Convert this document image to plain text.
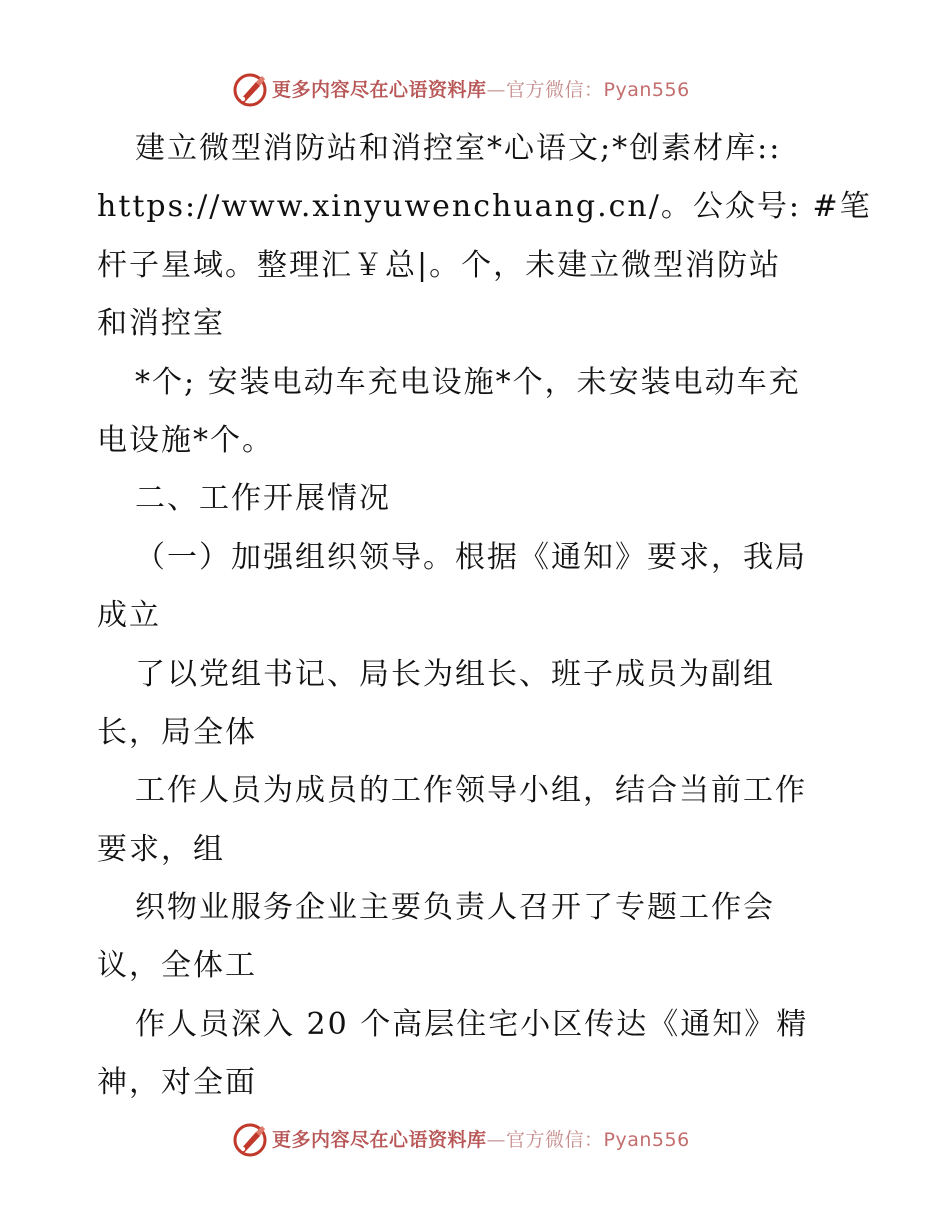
更多内容尽在心语资料库—官方微信：Pyan556
建立微型消防站和消控室*心语文;*创素材库::
https://www.xinyuwenchuang.cn/。公众号: #笔
杆子星域。整理汇￥总|。个，未建立微型消防站
和消控室
*个; 安装电动车充电设施*个，未安装电动车充
电设施*个。
二、工作开展情况
（一）加强组织领导。根据《通知》要求，我局
成立
了以党组书记、局长为组长、班子成员为副组
长，局全体
工作人员为成员的工作领导小组，结合当前工作
要求，组
织物业服务企业主要负责人召开了专题工作会
议，全体工
作人员深入 20 个高层住宅小区传达《通知》精
神，对全面
更多内容尽在心语资料库—官方微信：Pyan556
